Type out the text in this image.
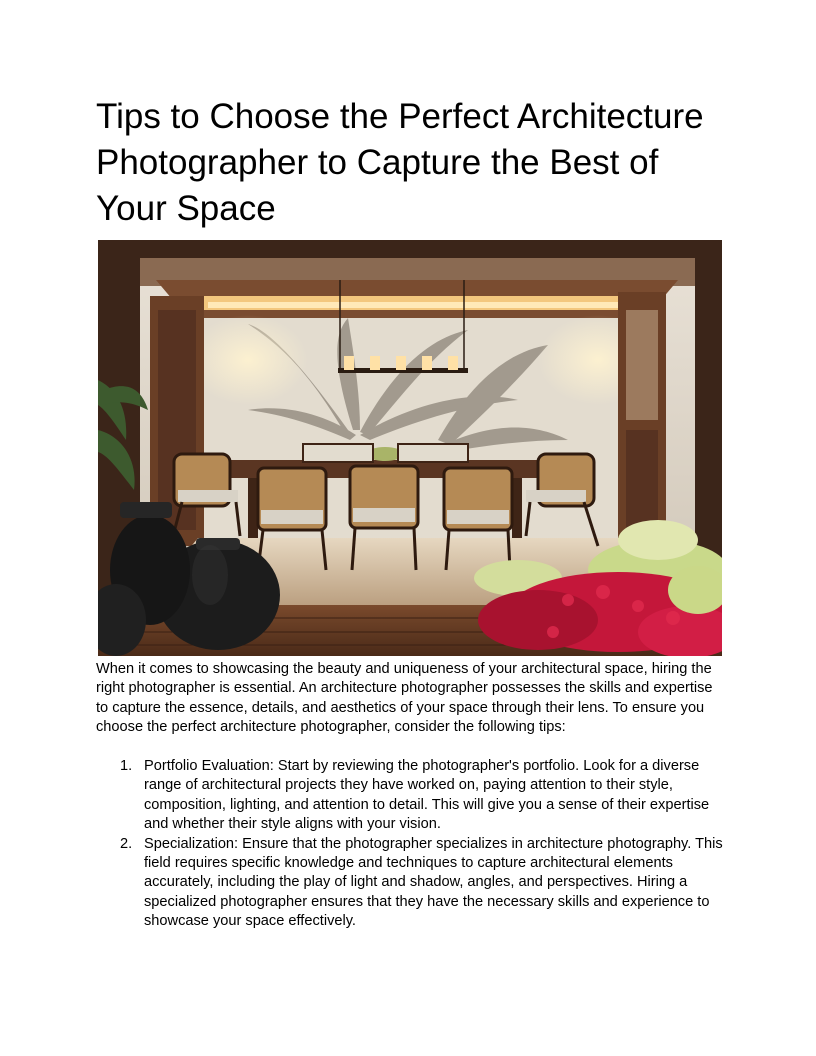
Tips to Choose the Perfect Architecture Photographer to Capture the Best of Your Space

When it comes to showcasing the beauty and uniqueness of your architectural space, hiring the right photographer is essential. An architecture photographer possesses the skills and expertise to capture the essence, details, and aesthetics of your space through their lens. To ensure you choose the perfect architecture photographer, consider the following tips:

1. Portfolio Evaluation: Start by reviewing the photographer's portfolio. Look for a diverse range of architectural projects they have worked on, paying attention to their style, composition, lighting, and attention to detail. This will give you a sense of their expertise and whether their style aligns with your vision.
2. Specialization: Ensure that the photographer specializes in architecture photography. This field requires specific knowledge and techniques to capture architectural elements accurately, including the play of light and shadow, angles, and perspectives. Hiring a specialized photographer ensures that they have the necessary skills and experience to showcase your space effectively.
